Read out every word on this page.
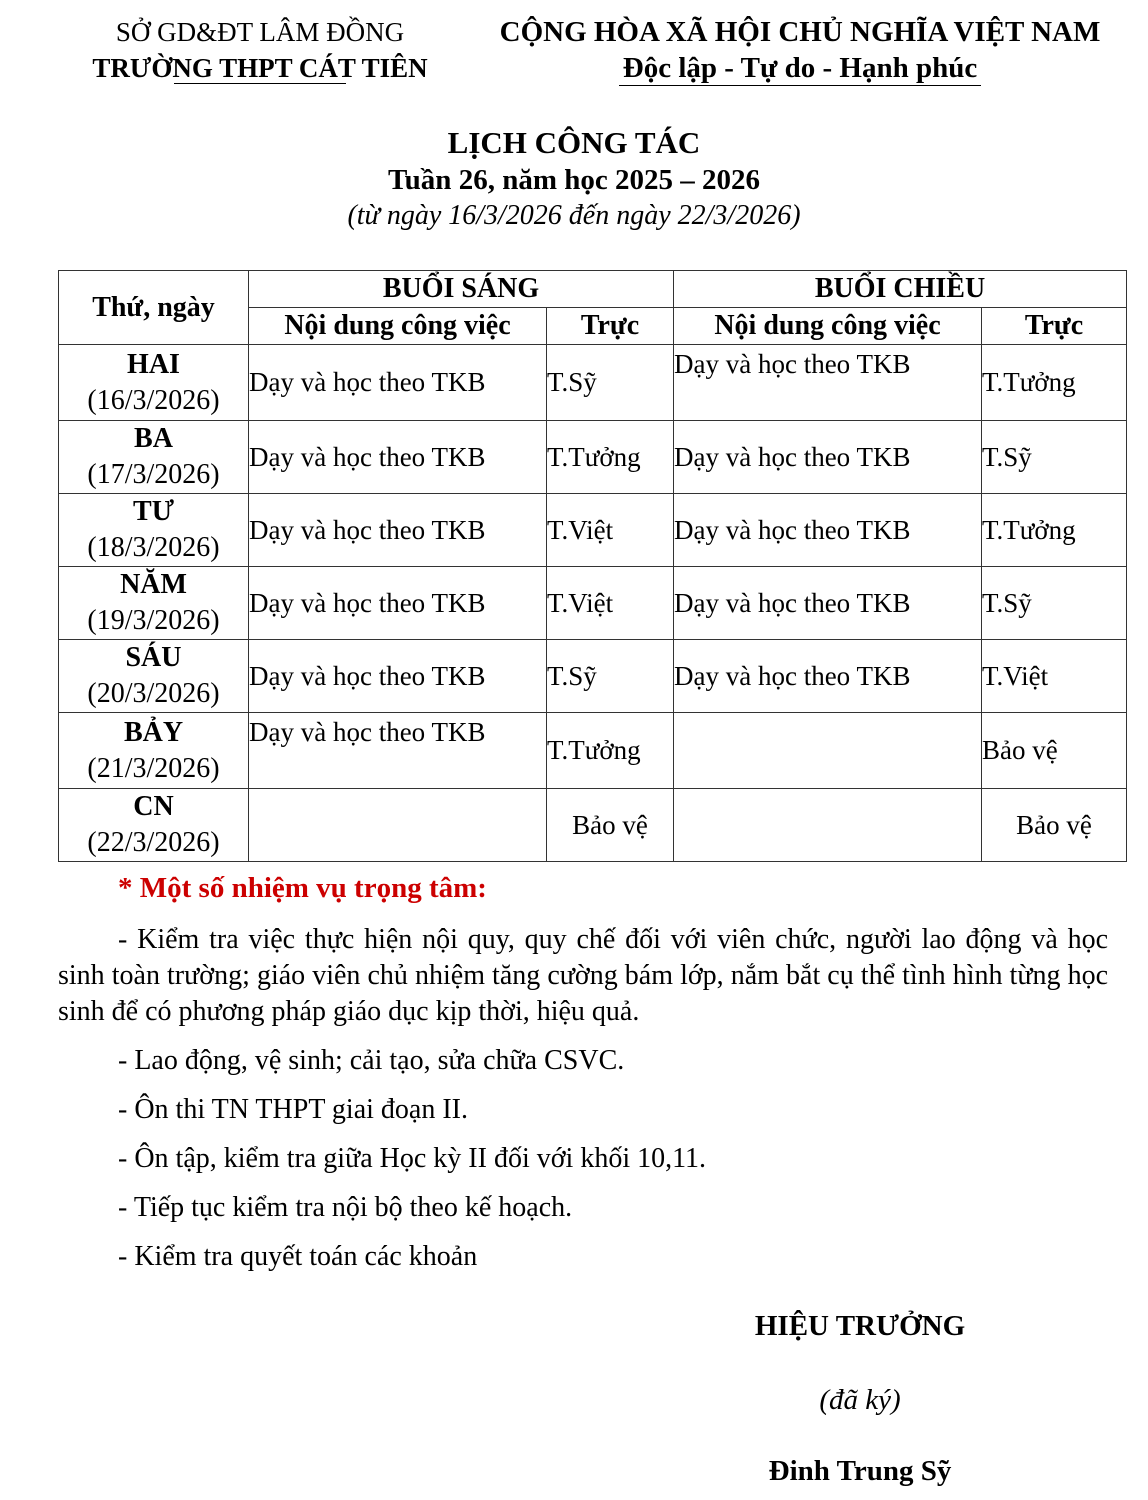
SỞ GD&ĐT LÂM ĐỒNG
TRƯỜNG THPT CÁT TIÊN
CỘNG HÒA XÃ HỘI CHỦ NGHĨA VIỆT NAM
Độc lập - Tự do - Hạnh phúc
LỊCH CÔNG TÁC
Tuần 26, năm học 2025 – 2026
(từ ngày 16/3/2026 đến ngày 22/3/2026)
Thứ, ngày	BUỔI SÁNG		BUỔI CHIỀU	
	Nội dung công việc	Trực	Nội dung công việc	Trực

HAI
(16/3/2026)	Dạy và học theo TKB	T.Sỹ	Dạy và học theo TKB	T.Tưởng

BA
(17/3/2026)	Dạy và học theo TKB	T.Tưởng	Dạy và học theo TKB	T.Sỹ

TƯ
(18/3/2026)	Dạy và học theo TKB	T.Việt	Dạy và học theo TKB	T.Tưởng

NĂM
(19/3/2026)	Dạy và học theo TKB	T.Việt	Dạy và học theo TKB	T.Sỹ

SÁU
(20/3/2026)	Dạy và học theo TKB	T.Sỹ	Dạy và học theo TKB	T.Việt

BẢY
(21/3/2026)	Dạy và học theo TKB	T.Tưởng		Bảo vệ

CN
(22/3/2026)		Bảo vệ		Bảo vệ
* Một số nhiệm vụ trọng tâm:

- Kiểm tra việc thực hiện nội quy, quy chế đối với viên chức, người lao động và học sinh toàn trường; giáo viên chủ nhiệm tăng cường bám lớp, nắm bắt cụ thể tình hình từng học sinh để có phương pháp giáo dục kịp thời, hiệu quả.

- Lao động, vệ sinh; cải tạo, sửa chữa CSVC.

- Ôn thi TN THPT giai đoạn II.

- Ôn tập, kiểm tra giữa Học kỳ II đối với khối 10,11.

- Tiếp tục kiểm tra nội bộ theo kế hoạch.

- Kiểm tra quyết toán các khoản

HIỆU TRƯỞNG
(đã ký)
Đinh Trung Sỹ
